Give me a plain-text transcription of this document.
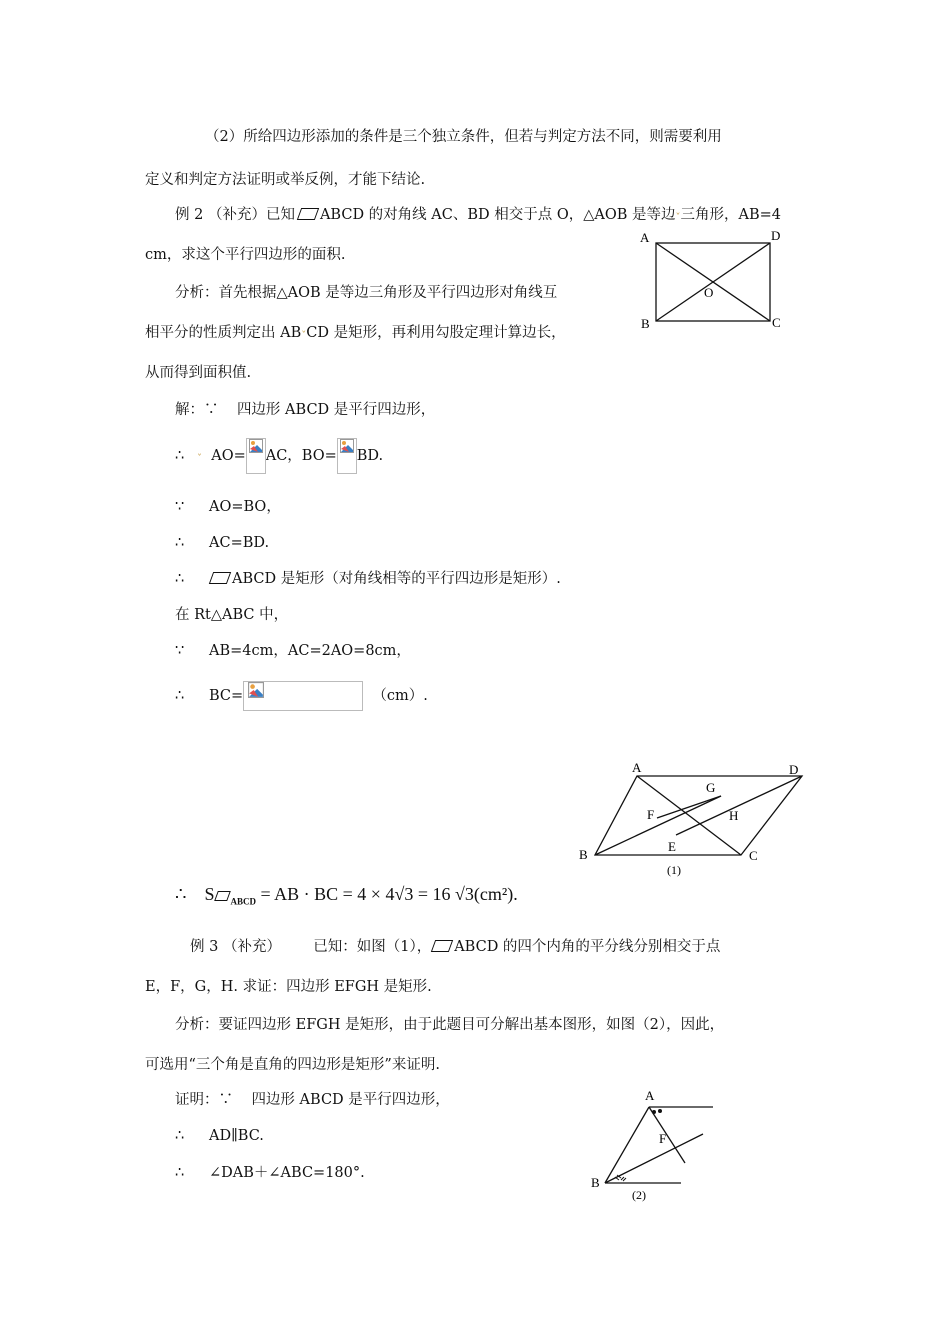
（2）所给四边形添加的条件是三个独立条件，但若与判定方法不同，则需要利用
定义和判定方法证明或举反例，才能下结论.
例 2 （补充）已知 ABCD 的对角线 AC、BD 相交于点 O，△AOB 是等边ˇ三角形，AB=4
cm，求这个平行四边形的面积.
分析：首先根据△AOB 是等边三角形及平行四边形对角线互
相平分的性质判定出 ABˇCD 是矩形，再利用勾股定理计算边长，
从而得到面积值.
A	D
O
B	C
解：∵ 四边形 ABCD 是平行四边形，
∴ ˇ AO= AC，BO= BD.
∵ AO=BO，
∴ AC=BD.
∴	ABCD 是矩形（对角线相等的平行四边形是矩形）.
在 Rt△ABC 中，
∵ AB=4cm，AC=2AO=8cm，
∴ BC=	（cm）.
A	D
G
F	H
E
B	C
(1)
∴ S $_{ABCD}$ = AB · BC = 4 × 4√3 = 16 √3(cm²).
例 3 （补充） 已知：如图（1）， ABCD 的四个内角的平分线分别相交于点
E，F，G，H. 求证：四边形 EFGH 是矩形.
分析：要证四边形 EFGH 是矩形，由于此题目可分解出基本图形，如图（2），因此，
可选用“三个角是直角的四边形是矩形”来证明.
证明：∵ 四边形 ABCD 是平行四边形，
∴ AD∥BC.
∴ ∠DAB＋∠ABC=180°.
A
F
B
(2)
